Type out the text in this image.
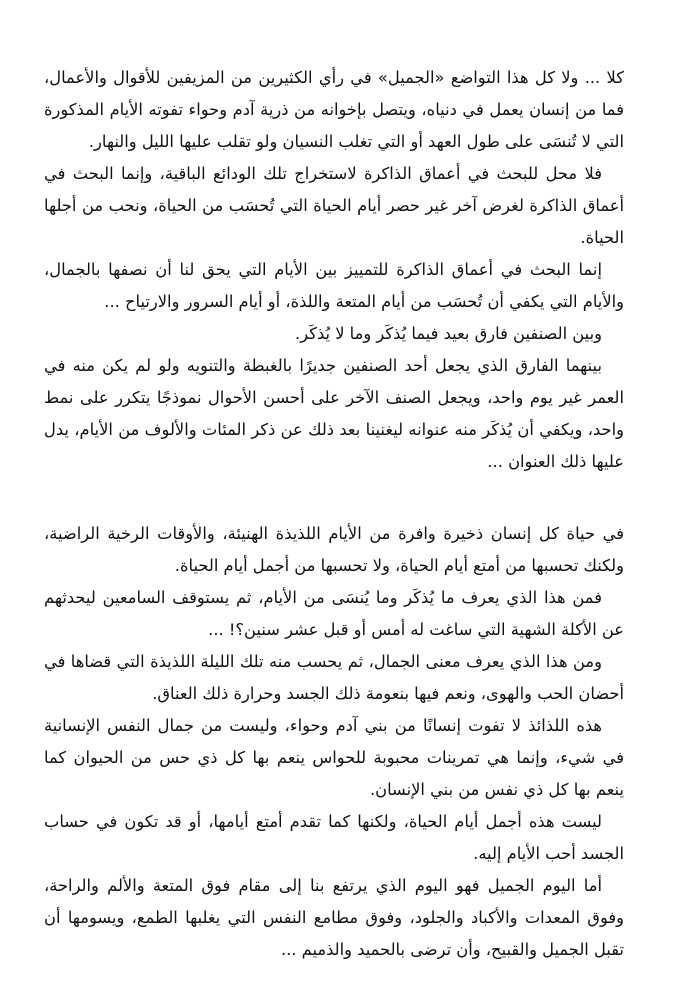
كلا ... ولا كل هذا التواضع «الجميل» في رأي الكثيرين من المزيفين للأقوال والأعمال، فما من إنسان يعمل في دنياه، ويتصل بإخوانه من ذرية آدم وحواء تفوته الأيام المذكورة التي لا تُنسَى على طول العهد أو التي تغلب النسيان ولو تقلب عليها الليل والنهار.

فلا محل للبحث في أعماق الذاكرة لاستخراج تلك الودائع الباقية، وإنما البحث في أعماق الذاكرة لغرض آخر غير حصر أيام الحياة التي تُحسَب من الحياة، ونحب من أجلها الحياة.

إنما البحث في أعماق الذاكرة للتمييز بين الأيام التي يحق لنا أن نصفها بالجمال، والأيام التي يكفي أن تُحسَب من أيام المتعة واللذة، أو أيام السرور والارتياح ...

وبين الصنفين فارق بعيد فيما يُذكَر وما لا يُذكَر.

بينهما الفارق الذي يجعل أحد الصنفين جديرًا بالغبطة والتنويه ولو لم يكن منه في العمر غير يوم واحد، ويجعل الصنف الآخر على أحسن الأحوال نموذجًا يتكرر على نمط واحد، ويكفي أن يُذكَر منه عنوانه ليغنينا بعد ذلك عن ذكر المئات والألوف من الأيام، يدل عليها ذلك العنوان ...

في حياة كل إنسان ذخيرة وافرة من الأيام اللذيذة الهنيئة، والأوقات الرخية الراضية، ولكنك تحسبها من أمتع أيام الحياة، ولا تحسبها من أجمل أيام الحياة.

فمن هذا الذي يعرف ما يُذكَر وما يُنسَى من الأيام، ثم يستوقف السامعين ليحدثهم عن الأكلة الشهية التي ساغت له أمس أو قبل عشر سنين؟! ...

ومن هذا الذي يعرف معنى الجمال، ثم يحسب منه تلك الليلة اللذيذة التي قضاها في أحضان الحب والهوى، ونعم فيها بنعومة ذلك الجسد وحرارة ذلك العناق.

هذه اللذائذ لا تفوت إنسانًا من بني آدم وحواء، وليست من جمال النفس الإنسانية في شيء، وإنما هي تمرينات محبوبة للحواس ينعم بها كل ذي حس من الحيوان كما ينعم بها كل ذي نفس من بني الإنسان.

ليست هذه أجمل أيام الحياة، ولكنها كما تقدم أمتع أيامها، أو قد تكون في حساب الجسد أحب الأيام إليه.

أما اليوم الجميل فهو اليوم الذي يرتفع بنا إلى مقام فوق المتعة والألم والراحة، وفوق المعدات والأكباد والجلود، وفوق مطامع النفس التي يغلبها الطمع، ويسومها أن تقبل الجميل والقبيح، وأن ترضى بالحميد والذميم ...
